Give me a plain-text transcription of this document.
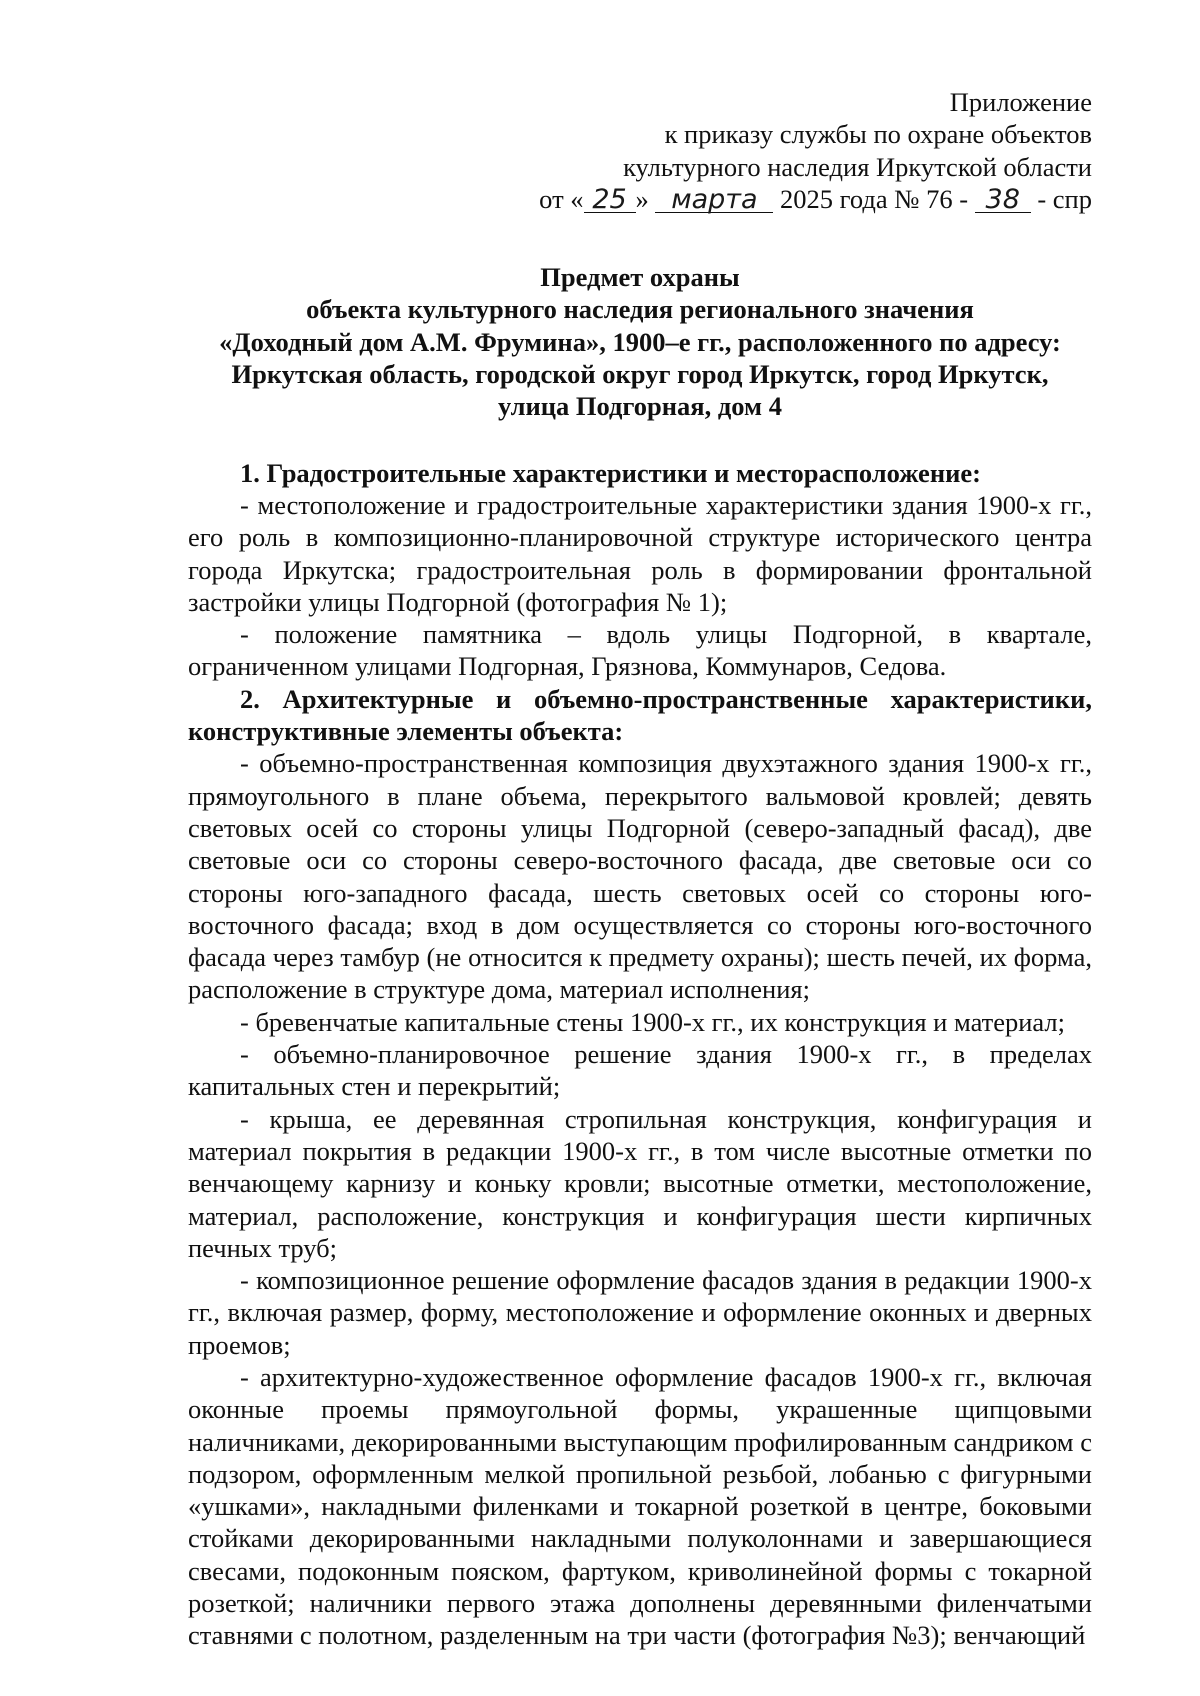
Приложение
к приказу службы по охране объектов
культурного наследия Иркутской области
от « 25 » марта 2025 года № 76 - 38 - спр
Предмет охраны
объекта культурного наследия регионального значения
«Доходный дом А.М. Фрумина», 1900–е гг., расположенного по адресу:
Иркутская область, городской округ город Иркутск, город Иркутск,
улица Подгорная, дом 4

1. Градостроительные характеристики и месторасположение:

- местоположение и градостроительные характеристики здания 1900-х гг., его роль в композиционно-планировочной структуре исторического центра города Иркутска; градостроительная роль в формировании фронтальной застройки улицы Подгорной (фотография № 1);

- положение памятника – вдоль улицы Подгорной, в квартале, ограниченном улицами Подгорная, Грязнова, Коммунаров, Седова.

2. Архитектурные и объемно-пространственные характеристики, конструктивные элементы объекта:

- объемно-пространственная композиция двухэтажного здания 1900-х гг., прямоугольного в плане объема, перекрытого вальмовой кровлей; девять световых осей со стороны улицы Подгорной (северо-западный фасад), две световые оси со стороны северо-восточного фасада, две световые оси со стороны юго-западного фасада, шесть световых осей со стороны юго-восточного фасада; вход в дом осуществляется со стороны юго-восточного фасада через тамбур (не относится к предмету охраны); шесть печей, их форма, расположение в структуре дома, материал исполнения;

- бревенчатые капитальные стены 1900-х гг., их конструкция и материал;

- объемно-планировочное решение здания 1900-х гг., в пределах капитальных стен и перекрытий;

- крыша, ее деревянная стропильная конструкция, конфигурация и материал покрытия в редакции 1900-х гг., в том числе высотные отметки по венчающему карнизу и коньку кровли; высотные отметки, местоположение, материал, расположение, конструкция и конфигурация шести кирпичных печных труб;

- композиционное решение оформление фасадов здания в редакции 1900-х гг., включая размер, форму, местоположение и оформление оконных и дверных проемов;

- архитектурно-художественное оформление фасадов 1900-х гг., включая оконные проемы прямоугольной формы, украшенные щипцовыми наличниками, декорированными выступающим профилированным сандриком с подзором, оформленным мелкой пропильной резьбой, лобанью с фигурными «ушками», накладными филенками и токарной розеткой в центре, боковыми стойками декорированными накладными полуколоннами и завершающиеся свесами, подоконным пояском, фартуком, криволинейной формы с токарной розеткой; наличники первого этажа дополнены деревянными филенчатыми ставнями с полотном, разделенным на три части (фотография №3); венчающий
